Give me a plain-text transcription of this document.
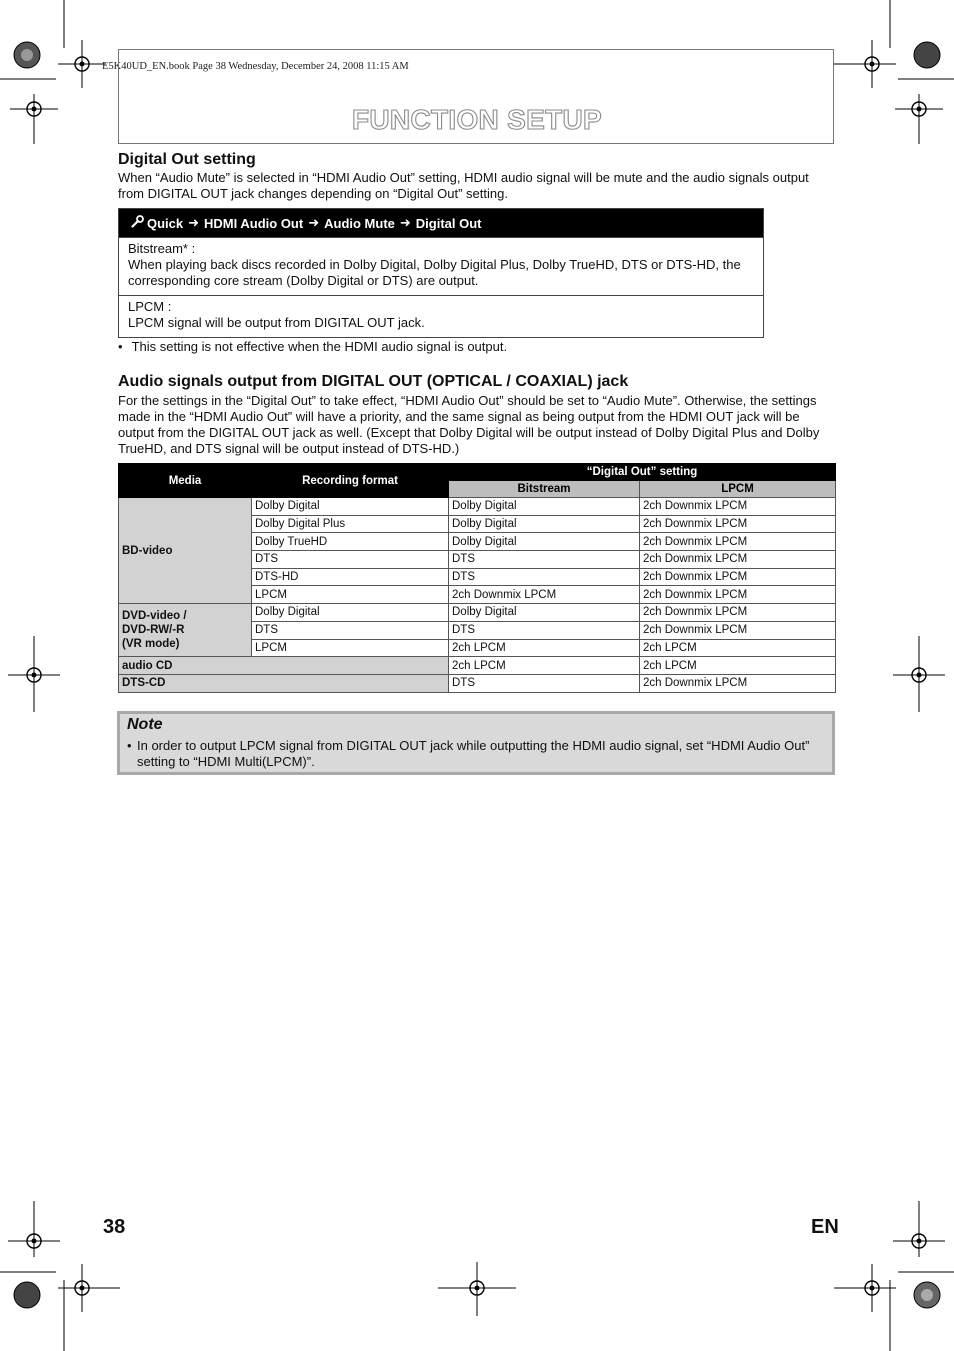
E5K40UD_EN.book Page 38 Wednesday, December 24, 2008 11:15 AM
FUNCTION SETUP
Digital Out setting
When “Audio Mute” is selected in “HDMI Audio Out” setting, HDMI audio signal will be mute and the audio signals output from DIGITAL OUT jack changes depending on “Digital Out” setting.
Quick ➜ HDMI Audio Out ➜ Audio Mute ➜ Digital Out
Bitstream* :
When playing back discs recorded in Dolby Digital, Dolby Digital Plus, Dolby TrueHD, DTS or DTS-HD, the corresponding core stream (Dolby Digital or DTS) are output.
LPCM :
LPCM signal will be output from DIGITAL OUT jack.
• This setting is not effective when the HDMI audio signal is output.
Audio signals output from DIGITAL OUT (OPTICAL / COAXIAL) jack
For the settings in the “Digital Out” to take effect, “HDMI Audio Out” should be set to “Audio Mute”. Otherwise, the settings made in the “HDMI Audio Out” will have a priority, and the same signal as being output from the HDMI OUT jack will be output from the DIGITAL OUT jack as well. (Except that Dolby Digital will be output instead of Dolby Digital Plus and Dolby TrueHD, and DTS signal will be output instead of DTS-HD.)
Media	Recording format	“Digital Out” setting	
		Bitstream	LPCM
BD-video	Dolby Digital	Dolby Digital	2ch Downmix LPCM
	Dolby Digital Plus	Dolby Digital	2ch Downmix LPCM
	Dolby TrueHD	Dolby Digital	2ch Downmix LPCM
	DTS	DTS	2ch Downmix LPCM
	DTS-HD	DTS	2ch Downmix LPCM
	LPCM	2ch Downmix LPCM	2ch Downmix LPCM
DVD-video /
DVD-RW/-R
(VR mode)	Dolby Digital	Dolby Digital	2ch Downmix LPCM
	DTS	DTS	2ch Downmix LPCM
	LPCM	2ch LPCM	2ch LPCM
audio CD		2ch LPCM	2ch LPCM
DTS-CD		DTS	2ch Downmix LPCM
Note
• In order to output LPCM signal from DIGITAL OUT jack while outputting the HDMI audio signal, set “HDMI Audio Out” setting to “HDMI Multi(LPCM)”.
38	EN
